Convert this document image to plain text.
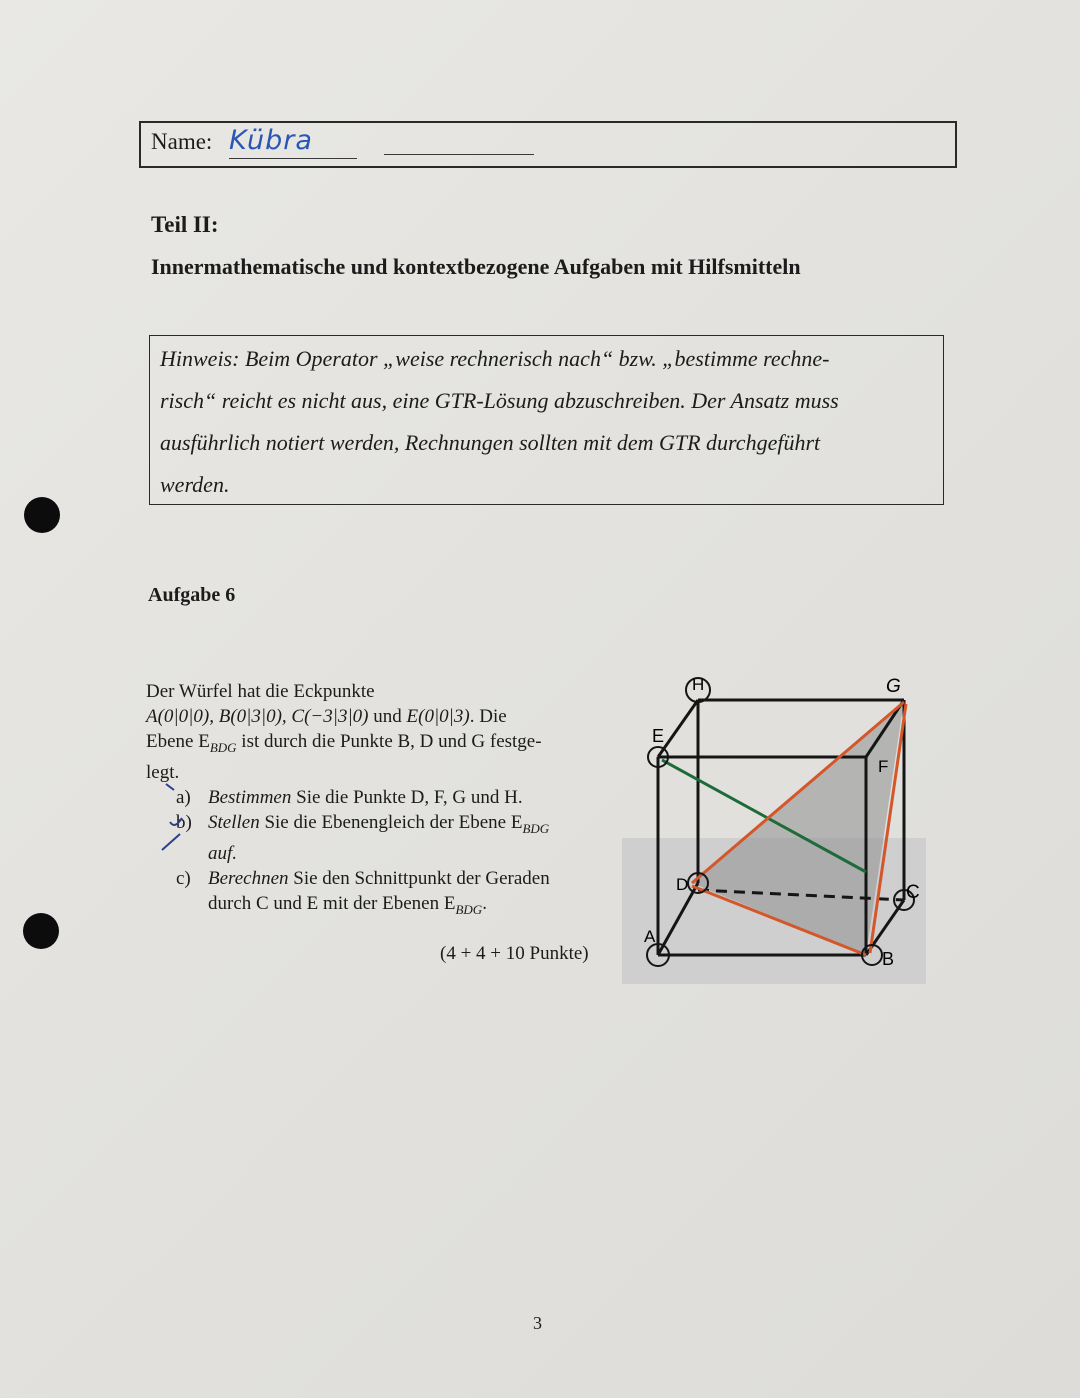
Name: Kübra
Teil II:
Innermathematische und kontextbezogene Aufgaben mit Hilfsmitteln
Hinweis: Beim Operator „weise rechnerisch nach“ bzw. „bestimme rechne-
risch“ reicht es nicht aus, eine GTR-Lösung abzuschreiben. Der Ansatz muss
ausführlich notiert werden, Rechnungen sollten mit dem GTR durchgeführt
werden.
Aufgabe 6

Der Würfel hat die Eckpunkte

A(0|0|0), B(0|3|0), C(−3|3|0) und E(0|0|3). Die

Ebene $E_{BDG}$ ist durch die Punkte B, D und G festge-

legt.

a) Bestimmen Sie die Punkte D, F, G und H.
b) Stellen Sie die Ebenengleich der Ebene $E_{BDG}$
auf.
c) Berechnen Sie den Schnittpunkt der Geraden
durch C und E mit der Ebenen $E_{BDG}$.
(4 + 4 + 10 Punkte)
H	G
E
F
D	C
A
B
3
